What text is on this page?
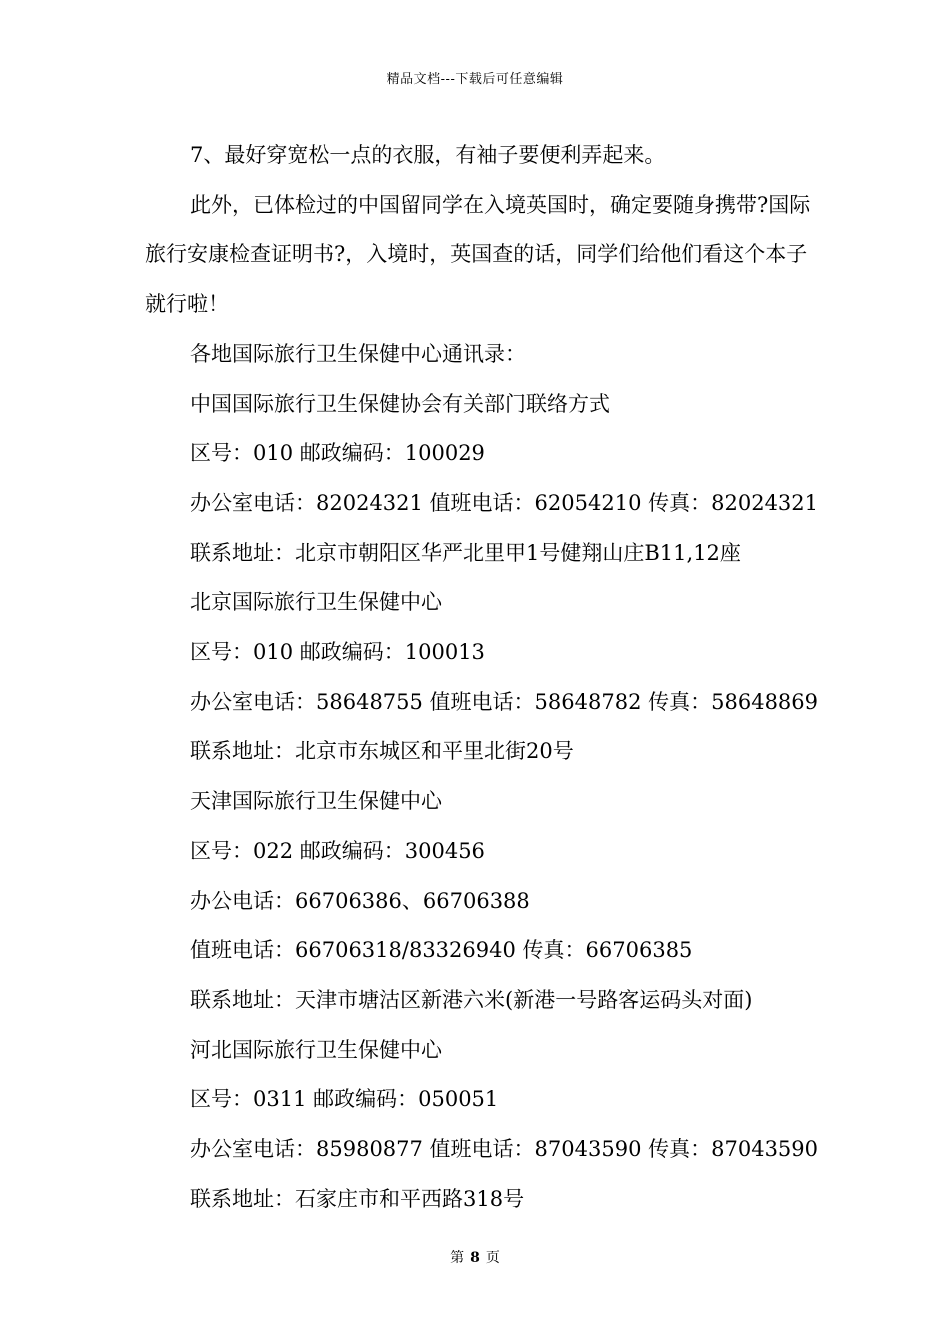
精品文档---下载后可任意编辑

7、最好穿宽松一点的衣服，有袖子要便利弄起来。

此外，已体检过的中国留同学在入境英国时，确定要随身携带?国际旅行安康检查证明书?，入境时，英国查的话，同学们给他们看这个本子就行啦！

各地国际旅行卫生保健中心通讯录：

中国国际旅行卫生保健协会有关部门联络方式

区号：010 邮政编码：100029

办公室电话：82024321 值班电话：62054210 传真：82024321

联系地址：北京市朝阳区华严北里甲1号健翔山庄B11,12座

北京国际旅行卫生保健中心

区号：010 邮政编码：100013

办公室电话：58648755 值班电话：58648782 传真：58648869

联系地址：北京市东城区和平里北街20号

天津国际旅行卫生保健中心

区号：022 邮政编码：300456

办公电话：66706386、66706388

值班电话：66706318/83326940 传真：66706385

联系地址：天津市塘沽区新港六米(新港一号路客运码头对面)

河北国际旅行卫生保健中心

区号：0311 邮政编码：050051

办公室电话：85980877 值班电话：87043590 传真：87043590

联系地址：石家庄市和平西路318号

第 8 页
